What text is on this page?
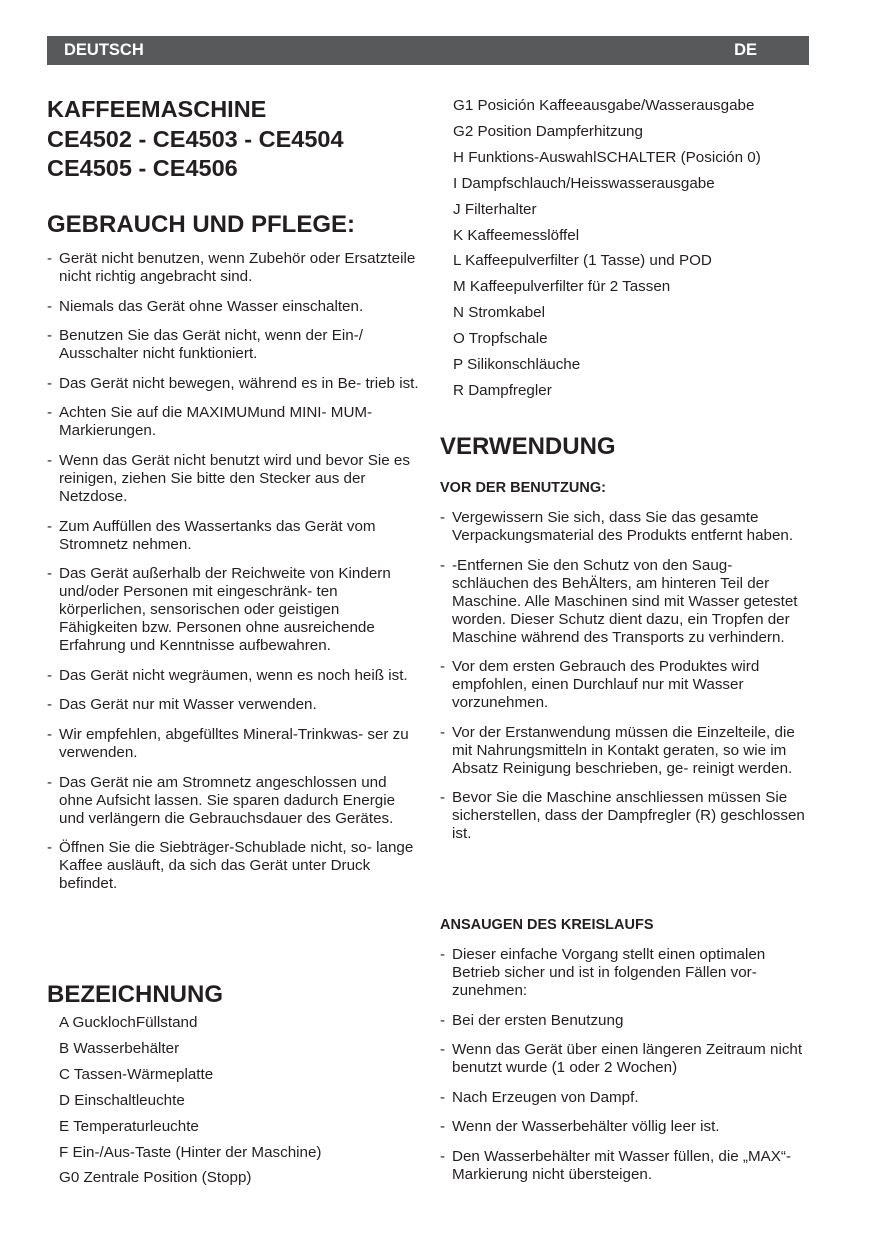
DEUTSCH	DE
KAFFEEMASCHINE
CE4502 - CE4503 - CE4504
CE4505 - CE4506
GEBRAUCH UND PFLEGE:
- Gerät nicht benutzen, wenn Zubehör oder Ersatzteile nicht richtig angebracht sind.
- Niemals das Gerät ohne Wasser einschalten.
- Benutzen Sie das Gerät nicht, wenn der Ein-/ Ausschalter nicht funktioniert.
- Das Gerät nicht bewegen, während es in Be- trieb ist.
- Achten Sie auf die MAXIMUMund MINI- MUM-Markierungen.
- Wenn das Gerät nicht benutzt wird und bevor Sie es reinigen, ziehen Sie bitte den Stecker aus der Netzdose.
- Zum Auffüllen des Wassertanks das Gerät vom Stromnetz nehmen.
- Das Gerät außerhalb der Reichweite von Kindern und/oder Personen mit eingeschränk- ten körperlichen, sensorischen oder geistigen Fähigkeiten bzw. Personen ohne ausreichende Erfahrung und Kenntnisse aufbewahren.
- Das Gerät nicht wegräumen, wenn es noch heiß ist.
- Das Gerät nur mit Wasser verwenden.
- Wir empfehlen, abgefülltes Mineral-Trinkwas- ser zu verwenden.
- Das Gerät nie am Stromnetz angeschlossen und ohne Aufsicht lassen. Sie sparen dadurch Energie und verlängern die Gebrauchsdauer des Gerätes.
- Öffnen Sie die Siebträger-Schublade nicht, so- lange Kaffee ausläuft, da sich das Gerät unter Druck befindet.
BEZEICHNUNG
A GucklochFüllstand
B Wasserbehälter
C Tassen-Wärmeplatte
D Einschaltleuchte
E Temperaturleuchte
F Ein-/Aus-Taste (Hinter der Maschine)
G0 Zentrale Position (Stopp)
G1 Posición Kaffeeausgabe/Wasserausgabe
G2 Position Dampferhitzung
H Funktions-AuswahlSCHALTER (Posición 0)
I Dampfschlauch/Heisswasserausgabe
J Filterhalter
K Kaffeemesslöffel
L Kaffeepulverfilter (1 Tasse) und POD
M Kaffeepulverfilter für 2 Tassen
N Stromkabel
O Tropfschale
P Silikonschläuche
R Dampfregler
VERWENDUNG
VOR DER BENUTZUNG:
- Vergewissern Sie sich, dass Sie das gesamte Verpackungsmaterial des Produkts entfernt haben.
- -Entfernen Sie den Schutz von den Saug- schläuchen des BehÄlters, am hinteren Teil der Maschine. Alle Maschinen sind mit Wasser getestet worden. Dieser Schutz dient dazu, ein Tropfen der Maschine während des Transports zu verhindern.
- Vor dem ersten Gebrauch des Produktes wird empfohlen, einen Durchlauf nur mit Wasser vorzunehmen.
- Vor der Erstanwendung müssen die Einzelteile, die mit Nahrungsmitteln in Kontakt geraten, so wie im Absatz Reinigung beschrieben, ge- reinigt werden.
- Bevor Sie die Maschine anschliessen müssen Sie sicherstellen, dass der Dampfregler (R) geschlossen ist.
ANSAUGEN DES KREISLAUFS
- Dieser einfache Vorgang stellt einen optimalen Betrieb sicher und ist in folgenden Fällen vor- zunehmen:
- Bei der ersten Benutzung
- Wenn das Gerät über einen längeren Zeitraum nicht benutzt wurde (1 oder 2 Wochen)
- Nach Erzeugen von Dampf.
- Wenn der Wasserbehälter völlig leer ist.
- Den Wasserbehälter mit Wasser füllen, die „MAX“-Markierung nicht übersteigen.
